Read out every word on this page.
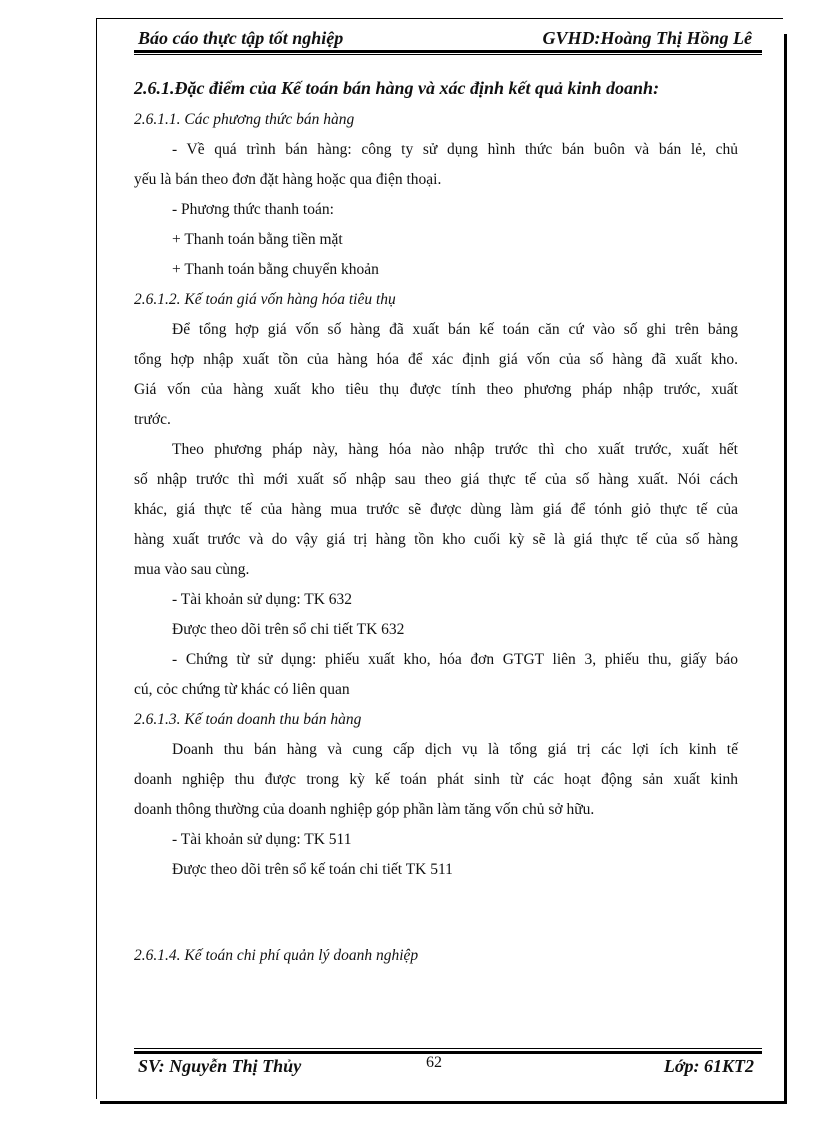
Báo cáo thực tập tốt nghiệp	GVHD:Hoàng Thị Hồng Lê
2.6.1.Đặc điểm của Kế toán bán hàng và xác định kết quả kinh doanh:
2.6.1.1. Các phương thức bán hàng
- Về quá trình bán hàng: công ty sử dụng hình thức bán buôn và bán lẻ, chủ
yếu là bán theo đơn đặt hàng hoặc qua điện thoại.
- Phương thức thanh toán:
+ Thanh toán bằng tiền mặt
+ Thanh toán bằng chuyển khoản
2.6.1.2. Kế toán giá vốn hàng hóa tiêu thụ
Để tổng hợp giá vốn số hàng đã xuất bán kế toán căn cứ vào số ghi trên bảng
tổng hợp nhập xuất tồn của hàng hóa để xác định giá vốn của số hàng đã xuất kho.
Giá vốn của hàng xuất kho tiêu thụ được tính theo phương pháp nhập trước, xuất
trước.
Theo phương pháp này, hàng hóa nào nhập trước thì cho xuất trước, xuất hết
số nhập trước thì mới xuất số nhập sau theo giá thực tế của số hàng xuất. Nói cách
khác, giá thực tế của hàng mua trước sẽ được dùng làm giá để tónh giỏ thực tế của
hàng xuất trước và do vậy giá trị hàng tồn kho cuối kỳ sẽ là giá thực tế của số hàng
mua vào sau cùng.
- Tài khoản sử dụng: TK 632
Được theo dõi trên sổ chi tiết TK 632
- Chứng từ sử dụng: phiếu xuất kho, hóa đơn GTGT liên 3, phiếu thu, giấy báo
cú, cỏc chứng từ khác có liên quan
2.6.1.3. Kế toán doanh thu bán hàng
Doanh thu bán hàng và cung cấp dịch vụ là tổng giá trị các lợi ích kinh tế
doanh nghiệp thu được trong kỳ kế toán phát sinh từ các hoạt động sản xuất kinh
doanh thông thường của doanh nghiệp góp phần làm tăng vốn chủ sở hữu.
- Tài khoản sử dụng: TK 511
Được theo dõi trên sổ kế toán chi tiết TK 511
2.6.1.4. Kế toán chi phí quản lý doanh nghiệp
SV: Nguyễn Thị Thủy	62	Lớp: 61KT2
